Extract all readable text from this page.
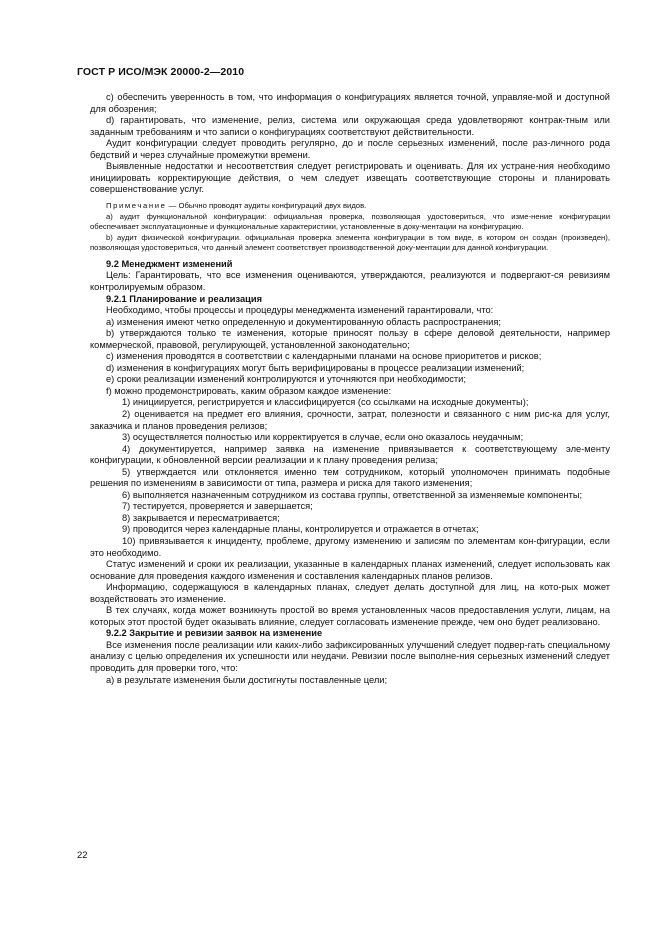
ГОСТ Р ИСО/МЭК 20000-2—2010

c) обеспечить уверенность в том, что информация о конфигурациях является точной, управляе-мой и доступной для обозрения;

d) гарантировать, что изменение, релиз, система или окружающая среда удовлетворяют контрак-тным или заданным требованиям и что записи о конфигурациях соответствуют действительности.

Аудит конфигурации следует проводить регулярно, до и после серьезных изменений, после раз-личного рода бедствий и через случайные промежутки времени.

Выявленные недостатки и несоответствия следует регистрировать и оценивать. Для их устране-ния необходимо инициировать корректирующие действия, о чем следует извещать соответствующие стороны и планировать совершенствование услуг.

Примечание — Обычно проводят аудиты конфигураций двух видов.

а) аудит функциональной конфигурации: официальная проверка, позволяющая удостовериться, что изме-нение конфигурации обеспечивает эксплуатационные и функциональные характеристики, установленные в доку-ментации на конфигурацию.

b) аудит физической конфигурации. официальная проверка элемента конфигурации в том виде, в котором он создан (произведен), позволяющая удостовериться, что данный элемент соответствует производственной доку-ментации для данной конфигурации.

9.2 Менеджмент изменений

Цель: Гарантировать, что все изменения оцениваются, утверждаются, реализуются и подвергают-ся ревизиям контролируемым образом.

9.2.1 Планирование и реализация

Необходимо, чтобы процессы и процедуры менеджмента изменений гарантировали, что:

а) изменения имеют четко определенную и документированную область распространения;

b) утверждаются только те изменения, которые приносят пользу в сфере деловой деятельности, например коммерческой, правовой, регулирующей, установленной законодательно;

c) изменения проводятся в соответствии с календарными планами на основе приоритетов и рисков;

d) изменения в конфигурациях могут быть верифицированы в процессе реализации изменений;

e) сроки реализации изменений контролируются и уточняются при необходимости;

f) можно продемонстрировать, каким образом каждое изменение:

1) инициируется, регистрируется и классифицируется (со ссылками на исходные документы);

2) оценивается на предмет его влияния, срочности, затрат, полезности и связанного с ним рис-ка для услуг, заказчика и планов проведения релизов;

3) осуществляется полностью или корректируется в случае, если оно оказалось неудачным;

4) документируется, например заявка на изменение привязывается к соответствующему эле-менту конфигурации, к обновленной версии реализации и к плану проведения релиза;

5) утверждается или отклоняется именно тем сотрудником, который уполномочен принимать подобные решения по изменениям в зависимости от типа, размера и риска для такого изменения;

6) выполняется назначенным сотрудником из состава группы, ответственной за изменяемые компоненты;

7) тестируется, проверяется и завершается;

8) закрывается и пересматривается;

9) проводится через календарные планы, контролируется и отражается в отчетах;

10) привязывается к инциденту, проблеме, другому изменению и записям по элементам кон-фигурации, если это необходимо.

Статус изменений и сроки их реализации, указанные в календарных планах изменений, следует использовать как основание для проведения каждого изменения и составления календарных планов релизов.

Информацию, содержащуюся в календарных планах, следует делать доступной для лиц, на кото-рых может воздействовать это изменение.

В тех случаях, когда может возникнуть простой во время установленных часов предоставления услуги, лицам, на которых этот простой будет оказывать влияние, следует согласовать изменение прежде, чем оно будет реализовано.

9.2.2 Закрытие и ревизии заявок на изменение

Все изменения после реализации или каких-либо зафиксированных улучшений следует подвер-гать специальному анализу с целью определения их успешности или неудачи. Ревизии после выполне-ния серьезных изменений следует проводить для проверки того, что:

а) в результате изменения были достигнуты поставленные цели;

22
